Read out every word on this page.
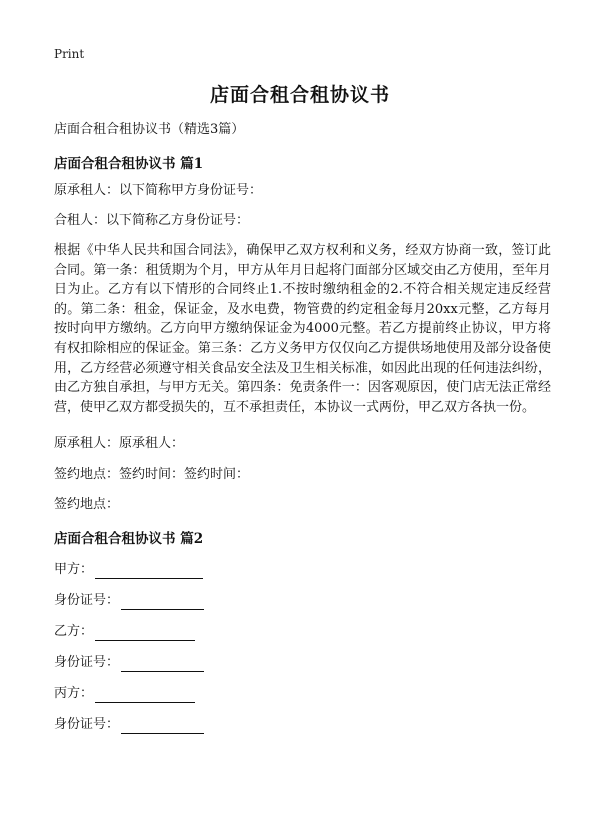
Print
店面合租合租协议书
店面合租合租协议书（精选3篇）
店面合租合租协议书 篇1
原承租人：以下简称甲方身份证号：
合租人：以下简称乙方身份证号：
根据《中华人民共和国合同法》，确保甲乙双方权利和义务，经双方协商一致，签订此合同。第一条：租赁期为个月，甲方从年月日起将门面部分区域交由乙方使用，至年月日为止。乙方有以下情形的合同终止1.不按时缴纳租金的2.不符合相关规定违反经营的。第二条：租金，保证金，及水电费，物管费的约定租金每月20xx元整，乙方每月按时向甲方缴纳。乙方向甲方缴纳保证金为4000元整。若乙方提前终止协议，甲方将有权扣除相应的保证金。第三条：乙方义务甲方仅仅向乙方提供场地使用及部分设备使用，乙方经营必须遵守相关食品安全法及卫生相关标准，如因此出现的任何违法纠纷，由乙方独自承担，与甲方无关。第四条：免责条件一：因客观原因，使门店无法正常经营，使甲乙双方都受损失的，互不承担责任，本协议一式两份，甲乙双方各执一份。
原承租人：原承租人：
签约地点：签约时间：签约时间：
签约地点：
店面合租合租协议书 篇2
甲方：
身份证号：
乙方：
身份证号：
丙方：
身份证号：
